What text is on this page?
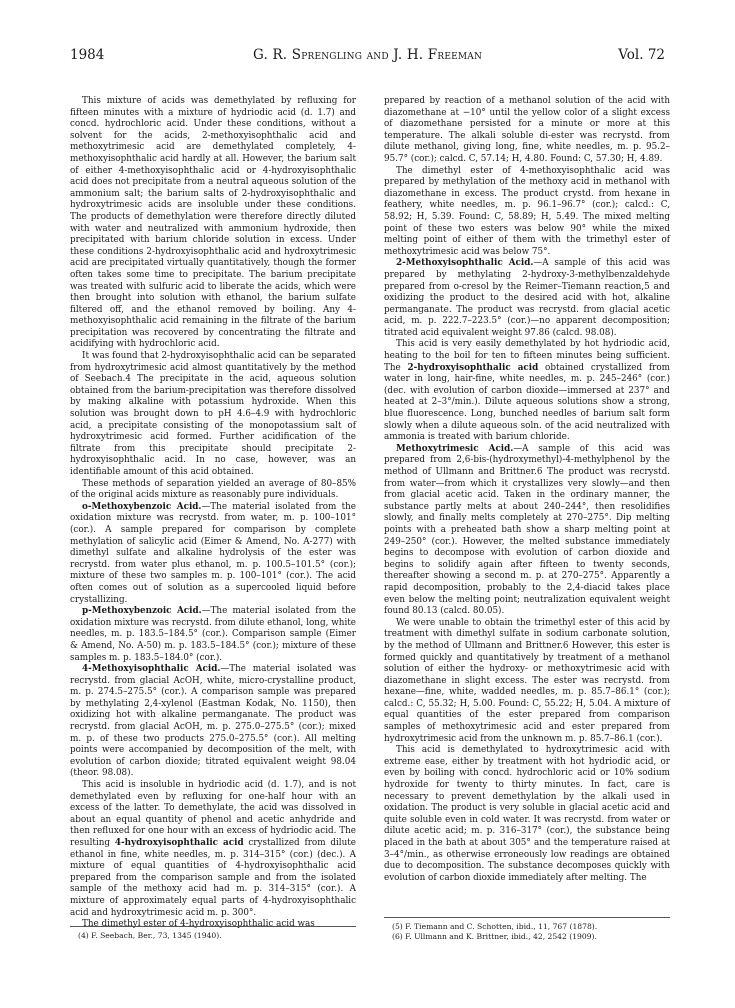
1984	G. R. Sprengling and J. H. Freeman	Vol. 72

This mixture of acids was demethylated by refluxing for fifteen minutes with a mixture of hydriodic acid (d. 1.7) and concd. hydrochloric acid. Under these conditions, without a solvent for the acids, 2-methoxyisophthalic acid and methoxytrimesic acid are demethylated completely, 4-methoxyisophthalic acid hardly at all. However, the barium salt of either 4-methoxyisophthalic acid or 4-hydroxyisophthalic acid does not precipitate from a neutral aqueous solution of the ammonium salt; the barium salts of 2-hydroxyisophthalic and hydroxytrimesic acids are insoluble under these conditions. The products of demethylation were therefore directly diluted with water and neutralized with ammonium hydroxide, then precipitated with barium chloride solution in excess. Under these conditions 2-hydroxyisophthalic acid and hydroxytrimesic acid are precipitated virtually quantitatively, though the former often takes some time to precipitate. The barium precipitate was treated with sulfuric acid to liberate the acids, which were then brought into solution with ethanol, the barium sulfate filtered off, and the ethanol removed by boiling. Any 4-methoxyisophthalic acid remaining in the filtrate of the barium precipitation was recovered by concentrating the filtrate and acidifying with hydrochloric acid.

It was found that 2-hydroxyisophthalic acid can be separated from hydroxytrimesic acid almost quantitatively by the method of Seebach.4 The precipitate in the acid, aqueous solution obtained from the barium-precipitation was therefore dissolved by making alkaline with potassium hydroxide. When this solution was brought down to pH 4.6–4.9 with hydrochloric acid, a precipitate consisting of the monopotassium salt of hydroxytrimesic acid formed. Further acidification of the filtrate from this precipitate should precipitate 2-hydroxyisophthalic acid. In no case, however, was an identifiable amount of this acid obtained.

These methods of separation yielded an average of 80–85% of the original acids mixture as reasonably pure individuals.

o-Methoxybenzoic Acid.—The material isolated from the oxidation mixture was recrystd. from water, m. p. 100–101° (cor.). A sample prepared for comparison by complete methylation of salicylic acid (Eimer & Amend, No. A-277) with dimethyl sulfate and alkaline hydrolysis of the ester was recrystd. from water plus ethanol, m. p. 100.5–101.5° (cor.); mixture of these two samples m. p. 100–101° (cor.). The acid often comes out of solution as a supercooled liquid before crystallizing.

p-Methoxybenzoic Acid.—The material isolated from the oxidation mixture was recrystd. from dilute ethanol, long, white needles, m. p. 183.5–184.5° (cor.). Comparison sample (Eimer & Amend, No. A-50) m. p. 183.5–184.5° (cor.); mixture of these samples m. p. 183.5–184.0° (cor.).

4-Methoxyisophthalic Acid.—The material isolated was recrystd. from glacial AcOH, white, micro-crystalline product, m. p. 274.5–275.5° (cor.). A comparison sample was prepared by methylating 2,4-xylenol (Eastman Kodak, No. 1150), then oxidizing hot with alkaline permanganate. The product was recrystd. from glacial AcOH, m. p. 275.0–275.5° (cor.); mixed m. p. of these two products 275.0–275.5° (cor.). All melting points were accompanied by decomposition of the melt, with evolution of carbon dioxide; titrated equivalent weight 98.04 (theor. 98.08).

This acid is insoluble in hydriodic acid (d. 1.7), and is not demethylated even by refluxing for one-half hour with an excess of the latter. To demethylate, the acid was dissolved in about an equal quantity of phenol and acetic anhydride and then refluxed for one hour with an excess of hydriodic acid. The resulting 4-hydroxyisophthalic acid crystallized from dilute ethanol in fine, white needles, m. p. 314–315° (cor.) (dec.). A mixture of equal quantities of 4-hydroxyisophthalic acid prepared from the comparison sample and from the isolated sample of the methoxy acid had m. p. 314–315° (cor.). A mixture of approximately equal parts of 4-hydroxyisophthalic acid and hydroxytrimesic acid m. p. 300°.

The dimethyl ester of 4-hydroxyisophthalic acid was

(4) F. Seebach, Ber., 73, 1345 (1940).

prepared by reaction of a methanol solution of the acid with diazomethane at −10° until the yellow color of a slight excess of diazomethane persisted for a minute or more at this temperature. The alkali soluble di-ester was recrystd. from dilute methanol, giving long, fine, white needles, m. p. 95.2–95.7° (cor.); calcd. C, 57.14; H, 4.80. Found: C, 57.30; H, 4.89.

The dimethyl ester of 4-methoxyisophthalic acid was prepared by methylation of the methoxy acid in methanol with diazomethane in excess. The product crystd. from hexane in feathery, white needles, m. p. 96.1–96.7° (cor.); calcd.: C, 58.92; H, 5.39. Found: C, 58.89; H, 5.49. The mixed melting point of these two esters was below 90° while the mixed melting point of either of them with the trimethyl ester of methoxytrimesic acid was below 75°.

2-Methoxyisophthalic Acid.—A sample of this acid was prepared by methylating 2-hydroxy-3-methylbenzaldehyde prepared from o-cresol by the Reimer–Tiemann reaction,5 and oxidizing the product to the desired acid with hot, alkaline permanganate. The product was recrystd. from glacial acetic acid, m. p. 222.7–223.5° (cor.)—no apparent decomposition; titrated acid equivalent weight 97.86 (calcd. 98.08).

This acid is very easily demethylated by hot hydriodic acid, heating to the boil for ten to fifteen minutes being sufficient. The 2-hydroxyisophthalic acid obtained crystallized from water in long, hair-fine, white needles, m. p. 245–246° (cor.) (dec. with evolution of carbon dioxide—immersed at 237° and heated at 2–3°/min.). Dilute aqueous solutions show a strong, blue fluorescence. Long, bunched needles of barium salt form slowly when a dilute aqueous soln. of the acid neutralized with ammonia is treated with barium chloride.

Methoxytrimesic Acid.—A sample of this acid was prepared from 2,6-bis-(hydroxymethyl)-4-methylphenol by the method of Ullmann and Brittner.6 The product was recrystd. from water—from which it crystallizes very slowly—and then from glacial acetic acid. Taken in the ordinary manner, the substance partly melts at about 240–244°, then resolidifies slowly, and finally melts completely at 270–275°. Dip melting points with a preheated bath show a sharp melting point at 249–250° (cor.). However, the melted substance immediately begins to decompose with evolution of carbon dioxide and begins to solidify again after fifteen to twenty seconds, thereafter showing a second m. p. at 270–275°. Apparently a rapid decomposition, probably to the 2,4-diacid takes place even below the melting point; neutralization equivalent weight found 80.13 (calcd. 80.05).

We were unable to obtain the trimethyl ester of this acid by treatment with dimethyl sulfate in sodium carbonate solution, by the method of Ullmann and Brittner.6 However, this ester is formed quickly and quantitatively by treatment of a methanol solution of either the hydroxy- or methoxytrimesic acid with diazomethane in slight excess. The ester was recrystd. from hexane—fine, white, wadded needles, m. p. 85.7–86.1° (cor.); calcd.: C, 55.32; H, 5.00. Found: C, 55.22; H, 5.04. A mixture of equal quantities of the ester prepared from comparison samples of methoxytrimesic acid and ester prepared from hydroxytrimesic acid from the unknown m. p. 85.7–86.1 (cor.).

This acid is demethylated to hydroxytrimesic acid with extreme ease, either by treatment with hot hydriodic acid, or even by boiling with concd. hydrochloric acid or 10% sodium hydroxide for twenty to thirty minutes. In fact, care is necessary to prevent demethylation by the alkali used in oxidation. The product is very soluble in glacial acetic acid and quite soluble even in cold water. It was recrystd. from water or dilute acetic acid; m. p. 316–317° (cor.), the substance being placed in the bath at about 305° and the temperature raised at 3–4°/min., as otherwise erroneously low readings are obtained due to decomposition. The substance decomposes quickly with evolution of carbon dioxide immediately after melting. The

(5) F. Tiemann and C. Schotten, ibid., 11, 767 (1878).

(6) F. Ullmann and K. Brittner, ibid., 42, 2542 (1909).
